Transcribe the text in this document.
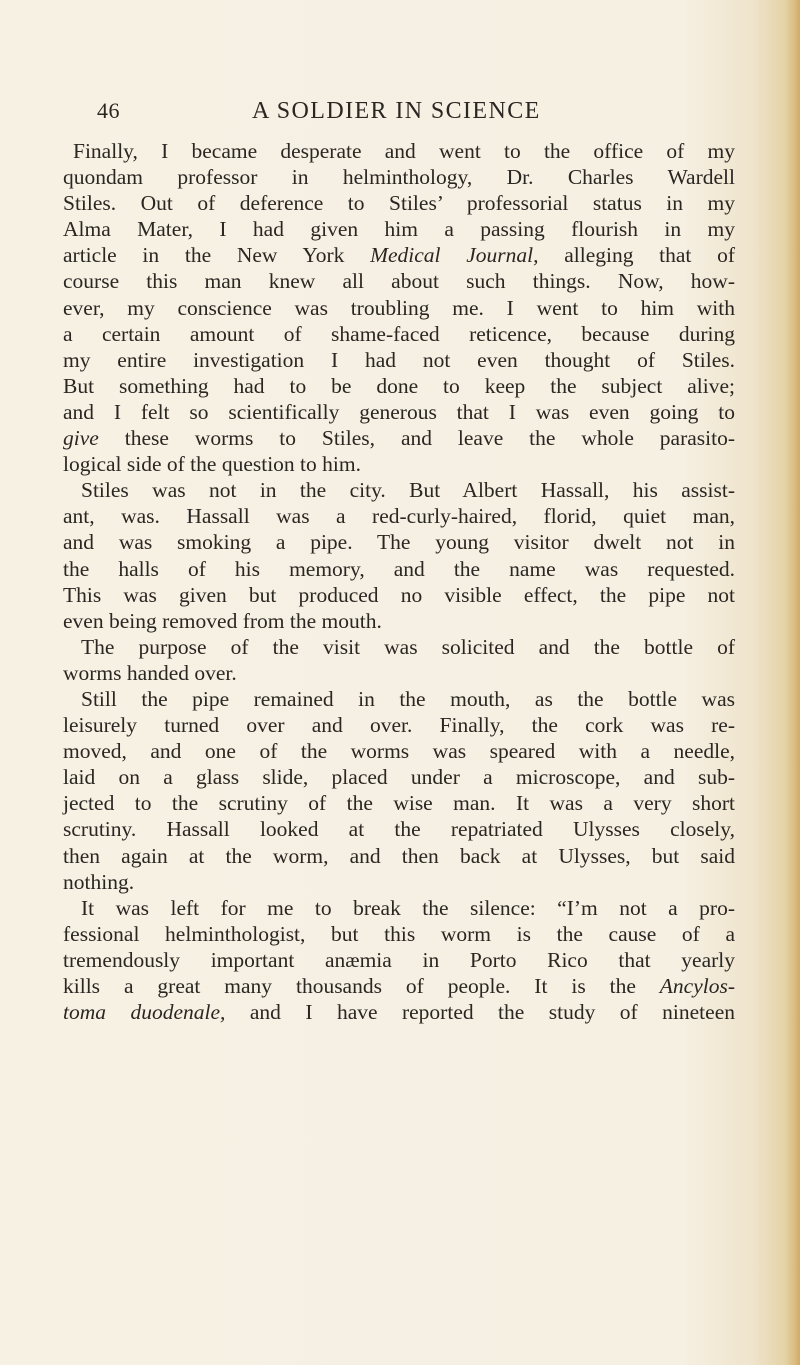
46	A SOLDIER IN SCIENCE
Finally, I became desperate and went to the office of my
quondam professor in helminthology, Dr. Charles Wardell
Stiles. Out of deference to Stiles’ professorial status in my
Alma Mater, I had given him a passing flourish in my
article in the New York Medical Journal, alleging that of
course this man knew all about such things. Now, how-
ever, my conscience was troubling me. I went to him with
a certain amount of shame-faced reticence, because during
my entire investigation I had not even thought of Stiles.
But something had to be done to keep the subject alive;
and I felt so scientifically generous that I was even going to
give these worms to Stiles, and leave the whole parasito-
logical side of the question to him.
Stiles was not in the city. But Albert Hassall, his assist-
ant, was. Hassall was a red-curly-haired, florid, quiet man,
and was smoking a pipe. The young visitor dwelt not in
the halls of his memory, and the name was requested.
This was given but produced no visible effect, the pipe not
even being removed from the mouth.
The purpose of the visit was solicited and the bottle of
worms handed over.
Still the pipe remained in the mouth, as the bottle was
leisurely turned over and over. Finally, the cork was re-
moved, and one of the worms was speared with a needle,
laid on a glass slide, placed under a microscope, and sub-
jected to the scrutiny of the wise man. It was a very short
scrutiny. Hassall looked at the repatriated Ulysses closely,
then again at the worm, and then back at Ulysses, but said
nothing.
It was left for me to break the silence: “I’m not a pro-
fessional helminthologist, but this worm is the cause of a
tremendously important anæmia in Porto Rico that yearly
kills a great many thousands of people. It is the Ancylos-
toma duodenale, and I have reported the study of nineteen
